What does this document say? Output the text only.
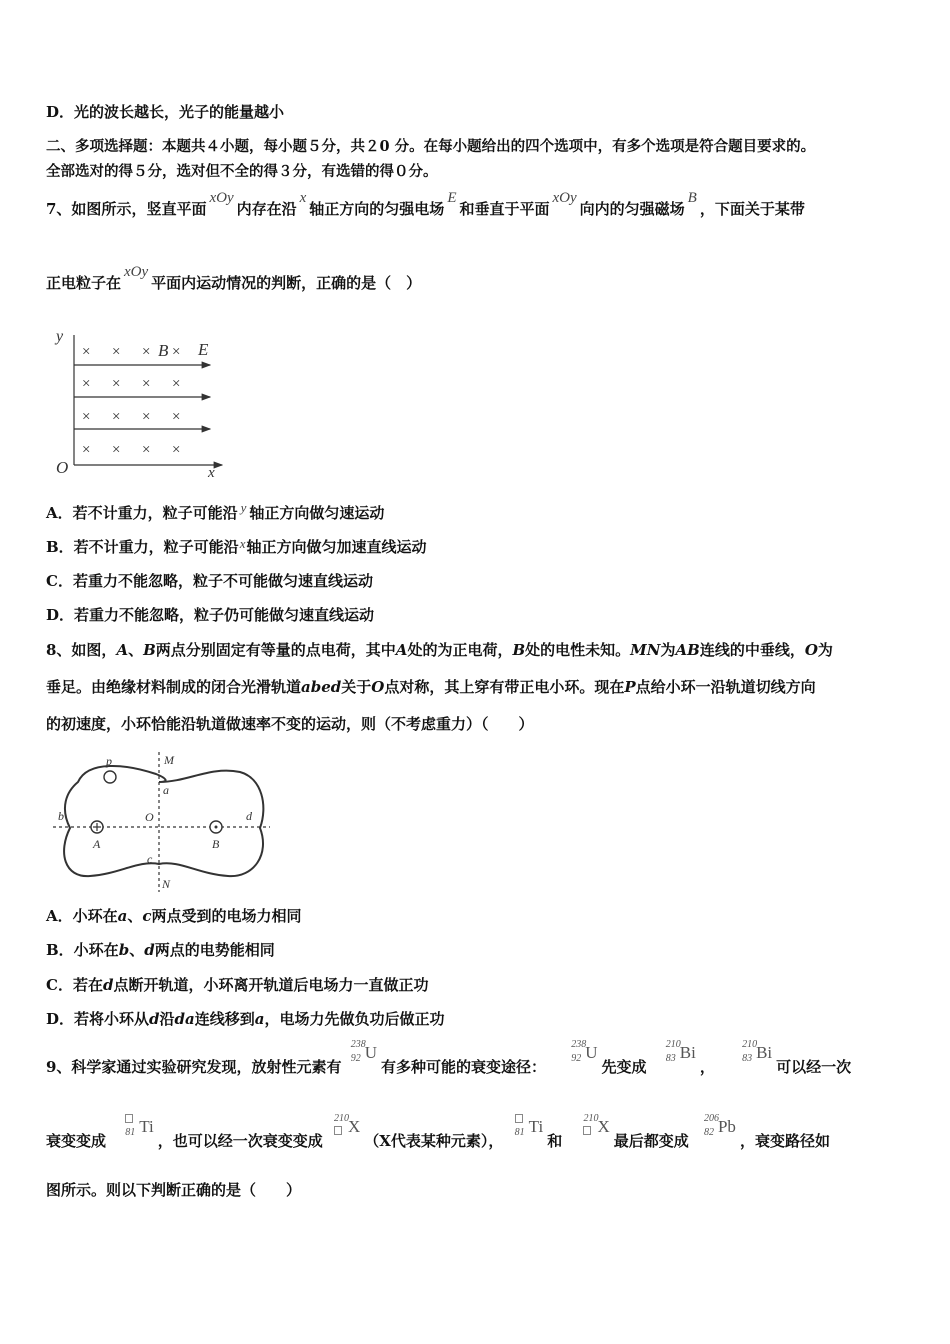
D．光的波长越长，光子的能量越小
二、多项选择题：本题共４小题，每小题５分，共２0 分。在每小题给出的四个选项中，有多个选项是符合题目要求的。
全部选对的得５分，选对但不全的得３分，有选错的得０分。
7、如图所示，竖直平面xOy内存在沿x轴正方向的匀强电场E和垂直于平面xOy向内的匀强磁场B，下面关于某带
正电粒子在xOy平面内运动情况的判断，正确的是（　）
y
O	x
B E
× × × ×
× × × ×
× × × ×
× × × ×
A．若不计重力，粒子可能沿 y 轴正方向做匀速运动
B．若不计重力，粒子可能沿x轴正方向做匀加速直线运动
C．若重力不能忽略，粒子不可能做匀速直线运动
D．若重力不能忽略，粒子仍可能做匀速直线运动
8、如图，A、B两点分别固定有等量的点电荷，其中A处的为正电荷，B处的电性未知。MN为AB连线的中垂线，O为
垂足。由绝缘材料制成的闭合光滑轨道abed关于O点对称，其上穿有带正电小环。现在P点给小环一沿轨道切线方向
的初速度，小环恰能沿轨道做速率不变的运动，则（不考虑重力）（　　）
p	M
a
b	O	d
A	B
c
N
A．小环在a、c两点受到的电场力相同
B．小环在b、d两点的电势能相同
C．若在d点断开轨道，小环离开轨道后电场力一直做正功
D．若将小环从d沿da连线移到a，电场力先做负功后做正功
9、科学家通过实验研究发现，放射性元素有
238
92 U有多种可能的衰变途径：
238
92 U先变成
210
83 Bi，
210
83 Bi可以经一次
衰变变成 81 Ti，也可以经一次衰变变成
210 X（X代表某种元素）， 81 Ti和
210 X最后都变成
206
82 Pb，衰变路径如
图所示。则以下判断正确的是（　　）
